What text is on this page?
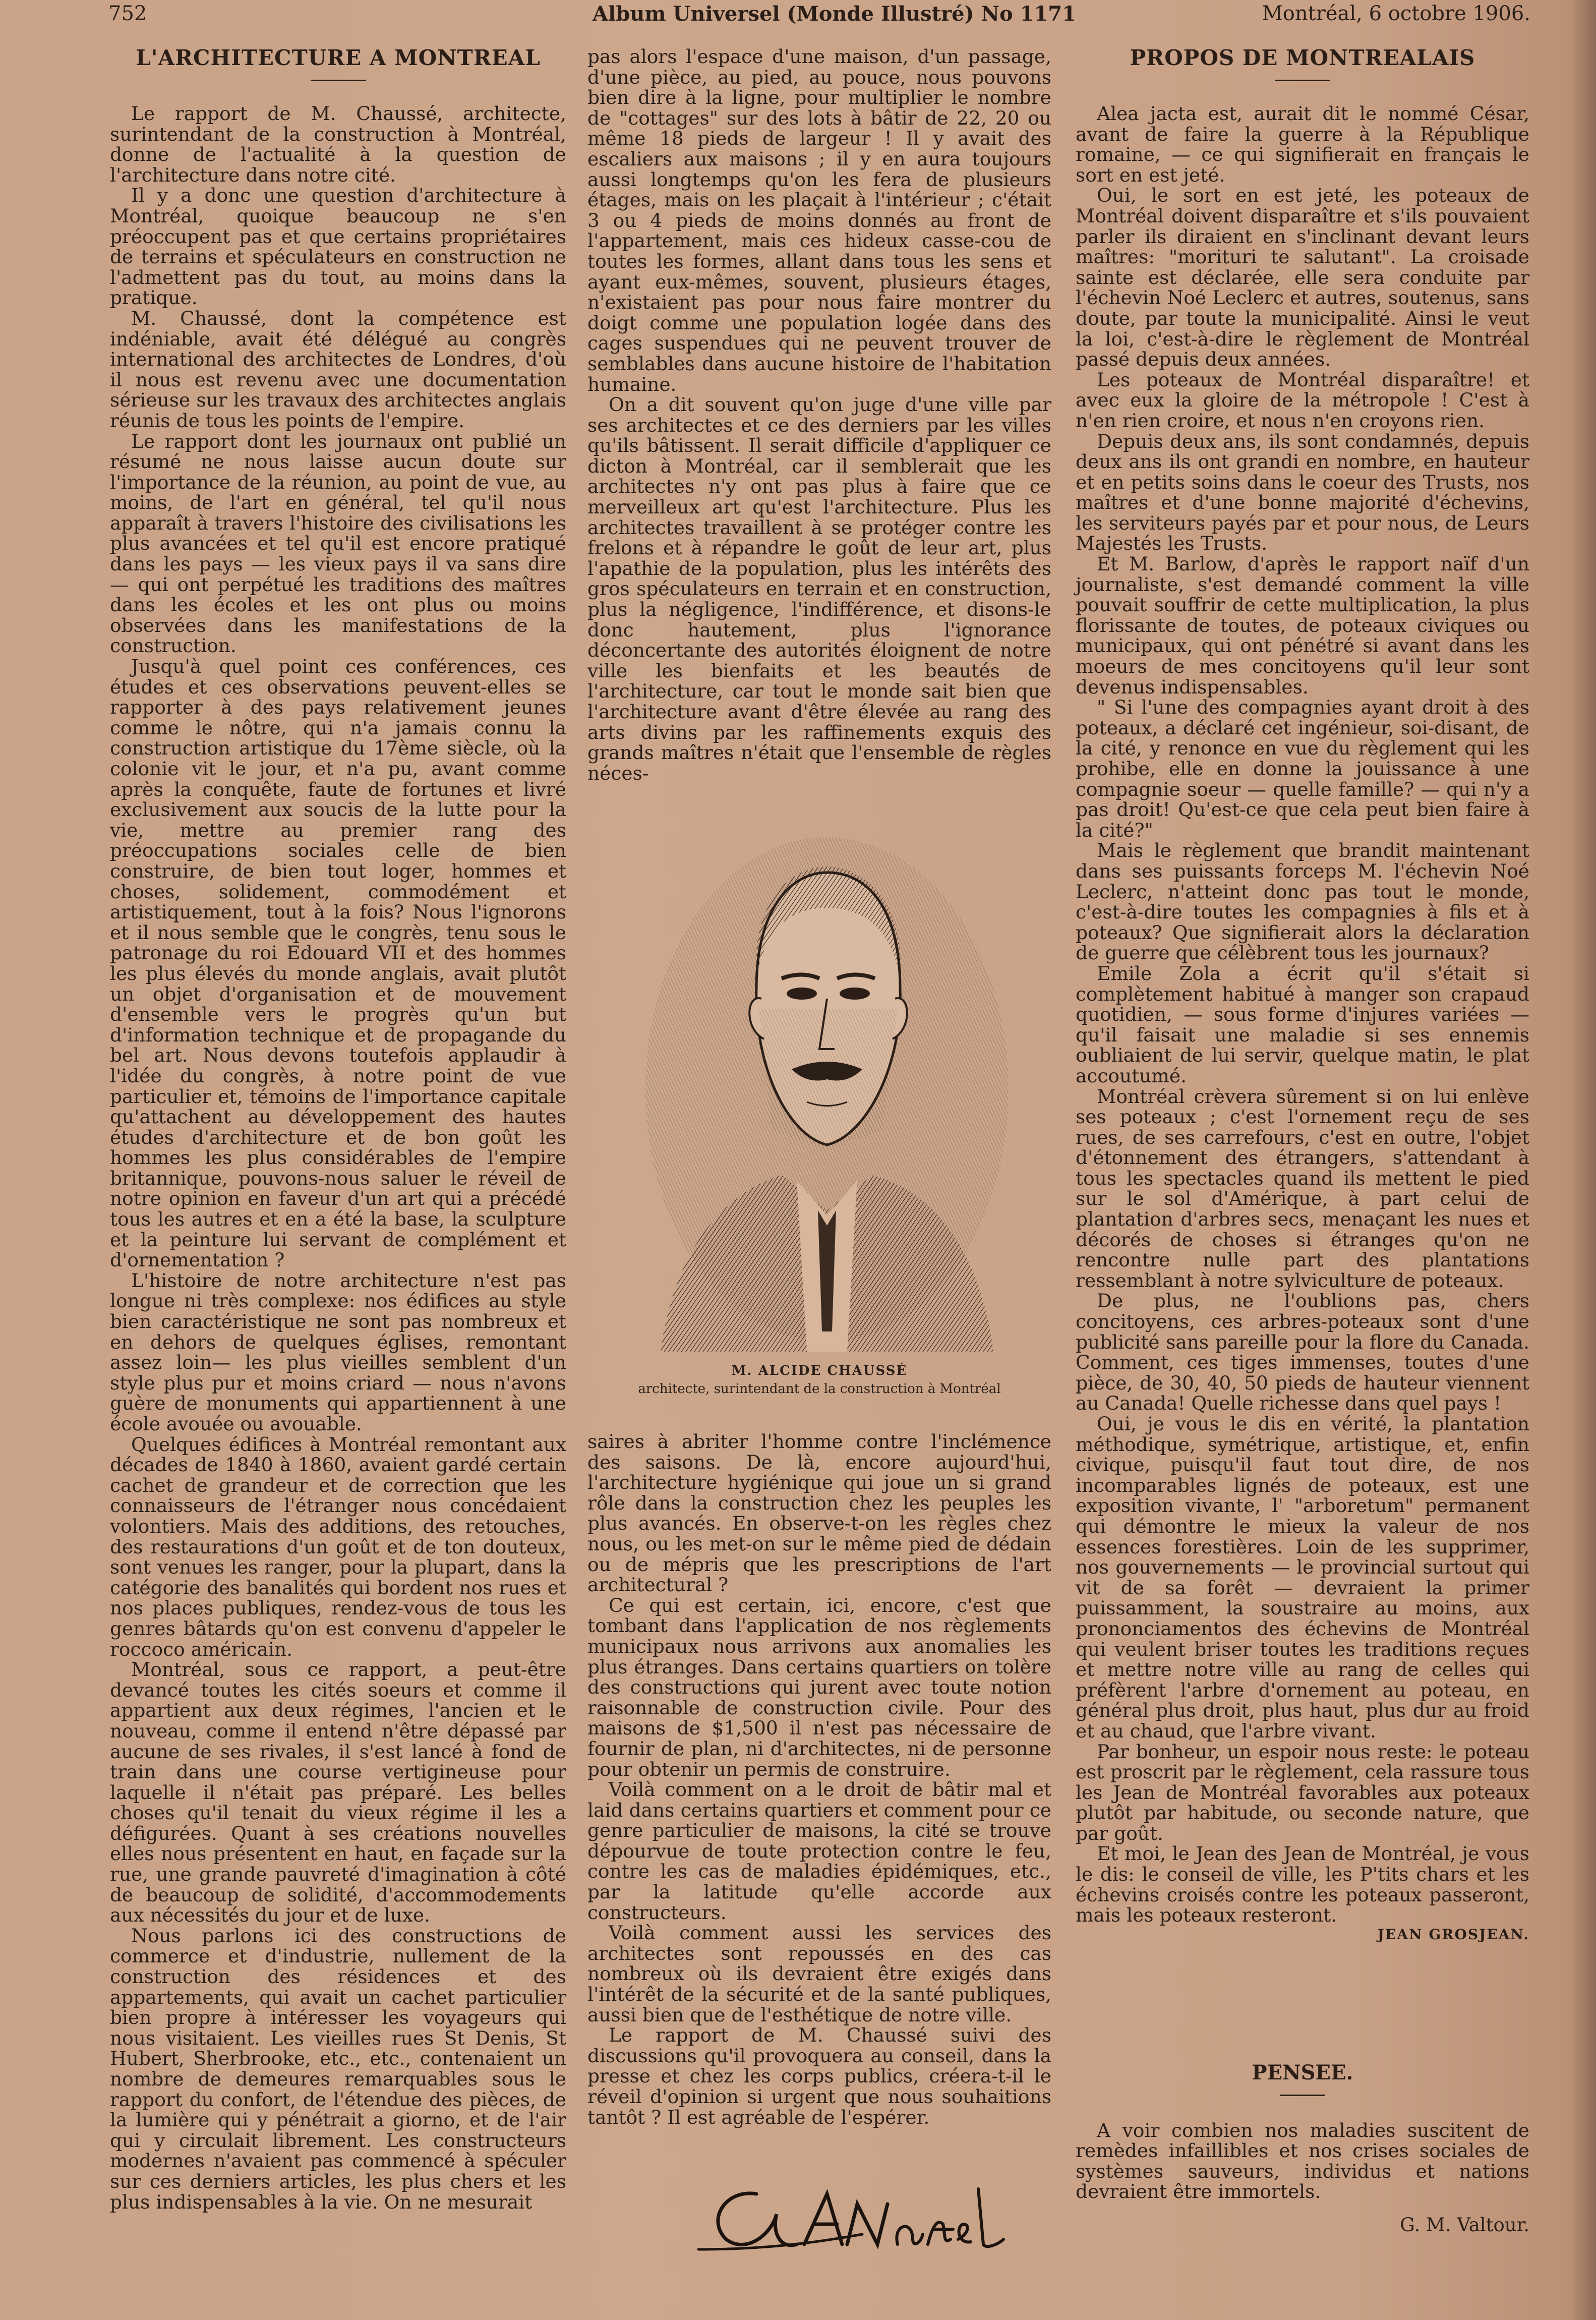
752	Album Universel (Monde Illustré) No 1171	Montréal, 6 octobre 1906.
L'ARCHITECTURE A MONTREAL

Le rapport de M. Chaussé, architecte, surintendant de la construction à Montréal, donne de l'actualité à la question de l'architecture dans notre cité.

Il y a donc une question d'architecture à Montréal, quoique beaucoup ne s'en préoccupent pas et que certains propriétaires de terrains et spéculateurs en construction ne l'admettent pas du tout, au moins dans la pratique.

M. Chaussé, dont la compétence est indéniable, avait été délégué au congrès international des architectes de Londres, d'où il nous est revenu avec une documentation sérieuse sur les travaux des architectes anglais réunis de tous les points de l'empire.

Le rapport dont les journaux ont publié un résumé ne nous laisse aucun doute sur l'importance de la réunion, au point de vue, au moins, de l'art en général, tel qu'il nous apparaît à travers l'histoire des civilisations les plus avancées et tel qu'il est encore pratiqué dans les pays — les vieux pays il va sans dire — qui ont perpétué les traditions des maîtres dans les écoles et les ont plus ou moins observées dans les manifestations de la construction.

Jusqu'à quel point ces conférences, ces études et ces observations peuvent-elles se rapporter à des pays relativement jeunes comme le nôtre, qui n'a jamais connu la construction artistique du 17ème siècle, où la colonie vit le jour, et n'a pu, avant comme après la conquête, faute de fortunes et livré exclusivement aux soucis de la lutte pour la vie, mettre au premier rang des préoccupations sociales celle de bien construire, de bien tout loger, hommes et choses, solidement, commodément et artistiquement, tout à la fois? Nous l'ignorons et il nous semble que le congrès, tenu sous le patronage du roi Edouard VII et des hommes les plus élevés du monde anglais, avait plutôt un objet d'organisation et de mouvement d'ensemble vers le progrès qu'un but d'information technique et de propagande du bel art. Nous devons toutefois applaudir à l'idée du congrès, à notre point de vue particulier et, témoins de l'importance capitale qu'attachent au développement des hautes études d'architecture et de bon goût les hommes les plus considérables de l'empire britannique, pouvons-nous saluer le réveil de notre opinion en faveur d'un art qui a précédé tous les autres et en a été la base, la sculpture et la peinture lui servant de complément et d'ornementation ?

L'histoire de notre architecture n'est pas longue ni très complexe: nos édifices au style bien caractéristique ne sont pas nombreux et en dehors de quelques églises, remontant assez loin— les plus vieilles semblent d'un style plus pur et moins criard — nous n'avons guère de monuments qui appartiennent à une école avouée ou avouable.

Quelques édifices à Montréal remontant aux décades de 1840 à 1860, avaient gardé certain cachet de grandeur et de correction que les connaisseurs de l'étranger nous concédaient volontiers. Mais des additions, des retouches, des restaurations d'un goût et de ton douteux, sont venues les ranger, pour la plupart, dans la catégorie des banalités qui bordent nos rues et nos places publiques, rendez-vous de tous les genres bâtards qu'on est convenu d'appeler le roccoco américain.

Montréal, sous ce rapport, a peut-être devancé toutes les cités soeurs et comme il appartient aux deux régimes, l'ancien et le nouveau, comme il entend n'être dépassé par aucune de ses rivales, il s'est lancé à fond de train dans une course vertigineuse pour laquelle il n'était pas préparé. Les belles choses qu'il tenait du vieux régime il les a défigurées. Quant à ses créations nouvelles elles nous présentent en haut, en façade sur la rue, une grande pauvreté d'imagination à côté de beaucoup de solidité, d'accommodements aux nécessités du jour et de luxe.

Nous parlons ici des constructions de commerce et d'industrie, nullement de la construction des résidences et des appartements, qui avait un cachet particulier bien propre à intéresser les voyageurs qui nous visitaient. Les vieilles rues St Denis, St Hubert, Sherbrooke, etc., etc., contenaient un nombre de demeures remarquables sous le rapport du confort, de l'étendue des pièces, de la lumière qui y pénétrait a giorno, et de l'air qui y circulait librement. Les constructeurs modernes n'avaient pas commencé à spéculer sur ces derniers articles, les plus chers et les plus indispensables à la vie. On ne mesurait

pas alors l'espace d'une maison, d'un passage, d'une pièce, au pied, au pouce, nous pouvons bien dire à la ligne, pour multiplier le nombre de "cottages" sur des lots à bâtir de 22, 20 ou même 18 pieds de largeur ! Il y avait des escaliers aux maisons ; il y en aura toujours aussi longtemps qu'on les fera de plusieurs étages, mais on les plaçait à l'intérieur ; c'était 3 ou 4 pieds de moins donnés au front de l'appartement, mais ces hideux casse-cou de toutes les formes, allant dans tous les sens et ayant eux-mêmes, souvent, plusieurs étages, n'existaient pas pour nous faire montrer du doigt comme une population logée dans des cages suspendues qui ne peuvent trouver de semblables dans aucune histoire de l'habitation humaine.

On a dit souvent qu'on juge d'une ville par ses architectes et ce des derniers par les villes qu'ils bâtissent. Il serait difficile d'appliquer ce dicton à Montréal, car il semblerait que les architectes n'y ont pas plus à faire que ce merveilleux art qu'est l'architecture. Plus les architectes travaillent à se protéger contre les frelons et à répandre le goût de leur art, plus l'apathie de la population, plus les intérêts des gros spéculateurs en terrain et en construction, plus la négligence, l'indifférence, et disons-le donc hautement, plus l'ignorance déconcertante des autorités éloignent de notre ville les bienfaits et les beautés de l'architecture, car tout le monde sait bien que l'architecture avant d'être élevée au rang des arts divins par les raffinements exquis des grands maîtres n'était que l'ensemble de règles néces-

M. ALCIDE CHAUSSÉ
architecte, surintendant de la construction à Montréal

saires à abriter l'homme contre l'inclémence des saisons. De là, encore aujourd'hui, l'architecture hygiénique qui joue un si grand rôle dans la construction chez les peuples les plus avancés. En observe-t-on les règles chez nous, ou les met-on sur le même pied de dédain ou de mépris que les prescriptions de l'art architectural ?

Ce qui est certain, ici, encore, c'est que tombant dans l'application de nos règlements municipaux nous arrivons aux anomalies les plus étranges. Dans certains quartiers on tolère des constructions qui jurent avec toute notion raisonnable de construction civile. Pour des maisons de $1,500 il n'est pas nécessaire de fournir de plan, ni d'architectes, ni de personne pour obtenir un permis de construire.

Voilà comment on a le droit de bâtir mal et laid dans certains quartiers et comment pour ce genre particulier de maisons, la cité se trouve dépourvue de toute protection contre le feu, contre les cas de maladies épidémiques, etc., par la latitude qu'elle accorde aux constructeurs.

Voilà comment aussi les services des architectes sont repoussés en des cas nombreux où ils devraient être exigés dans l'intérêt de la sécurité et de la santé publiques, aussi bien que de l'esthétique de notre ville.

Le rapport de M. Chaussé suivi des discussions qu'il provoquera au conseil, dans la presse et chez les corps publics, créera-t-il le réveil d'opinion si urgent que nous souhaitions tantôt ? Il est agréable de l'espérer.

PROPOS DE MONTREALAIS

Alea jacta est, aurait dit le nommé César, avant de faire la guerre à la République romaine, — ce qui signifierait en français le sort en est jeté.

Oui, le sort en est jeté, les poteaux de Montréal doivent disparaître et s'ils pouvaient parler ils diraient en s'inclinant devant leurs maîtres: "morituri te salutant". La croisade sainte est déclarée, elle sera conduite par l'échevin Noé Leclerc et autres, soutenus, sans doute, par toute la municipalité. Ainsi le veut la loi, c'est-à-dire le règlement de Montréal passé depuis deux années.

Les poteaux de Montréal disparaître! et avec eux la gloire de la métropole ! C'est à n'en rien croire, et nous n'en croyons rien.

Depuis deux ans, ils sont condamnés, depuis deux ans ils ont grandi en nombre, en hauteur et en petits soins dans le coeur des Trusts, nos maîtres et d'une bonne majorité d'échevins, les serviteurs payés par et pour nous, de Leurs Majestés les Trusts.

Et M. Barlow, d'après le rapport naïf d'un journaliste, s'est demandé comment la ville pouvait souffrir de cette multiplication, la plus florissante de toutes, de poteaux civiques ou municipaux, qui ont pénétré si avant dans les moeurs de mes concitoyens qu'il leur sont devenus indispensables.

" Si l'une des compagnies ayant droit à des poteaux, a déclaré cet ingénieur, soi-disant, de la cité, y renonce en vue du règlement qui les prohibe, elle en donne la jouissance à une compagnie soeur — quelle famille? — qui n'y a pas droit! Qu'est-ce que cela peut bien faire à la cité?"

Mais le règlement que brandit maintenant dans ses puissants forceps M. l'échevin Noé Leclerc, n'atteint donc pas tout le monde, c'est-à-dire toutes les compagnies à fils et à poteaux? Que signifierait alors la déclaration de guerre que célèbrent tous les journaux?

Emile Zola a écrit qu'il s'était si complètement habitué à manger son crapaud quotidien, — sous forme d'injures variées — qu'il faisait une maladie si ses ennemis oubliaient de lui servir, quelque matin, le plat accoutumé.

Montréal crèvera sûrement si on lui enlève ses poteaux ; c'est l'ornement reçu de ses rues, de ses carrefours, c'est en outre, l'objet d'étonnement des étrangers, s'attendant à tous les spectacles quand ils mettent le pied sur le sol d'Amérique, à part celui de plantation d'arbres secs, menaçant les nues et décorés de choses si étranges qu'on ne rencontre nulle part des plantations ressemblant à notre sylviculture de poteaux.

De plus, ne l'oublions pas, chers concitoyens, ces arbres-poteaux sont d'une publicité sans pareille pour la flore du Canada. Comment, ces tiges immenses, toutes d'une pièce, de 30, 40, 50 pieds de hauteur viennent au Canada! Quelle richesse dans quel pays !

Oui, je vous le dis en vérité, la plantation méthodique, symétrique, artistique, et, enfin civique, puisqu'il faut tout dire, de nos incomparables lignés de poteaux, est une exposition vivante, l' "arboretum" permanent qui démontre le mieux la valeur de nos essences forestières. Loin de les supprimer, nos gouvernements — le provincial surtout qui vit de sa forêt — devraient la primer puissamment, la soustraire au moins, aux prononciamentos des échevins de Montréal qui veulent briser toutes les traditions reçues et mettre notre ville au rang de celles qui préfèrent l'arbre d'ornement au poteau, en général plus droit, plus haut, plus dur au froid et au chaud, que l'arbre vivant.

Par bonheur, un espoir nous reste: le poteau est proscrit par le règlement, cela rassure tous les Jean de Montréal favorables aux poteaux plutôt par habitude, ou seconde nature, que par goût.

Et moi, le Jean des Jean de Montréal, je vous le dis: le conseil de ville, les P'tits chars et les échevins croisés contre les poteaux passeront, mais les poteaux resteront.

JEAN GROSJEAN.
PENSEE.

A voir combien nos maladies suscitent de remèdes infaillibles et nos crises sociales de systèmes sauveurs, individus et nations devraient être immortels.

G. M. Valtour.
